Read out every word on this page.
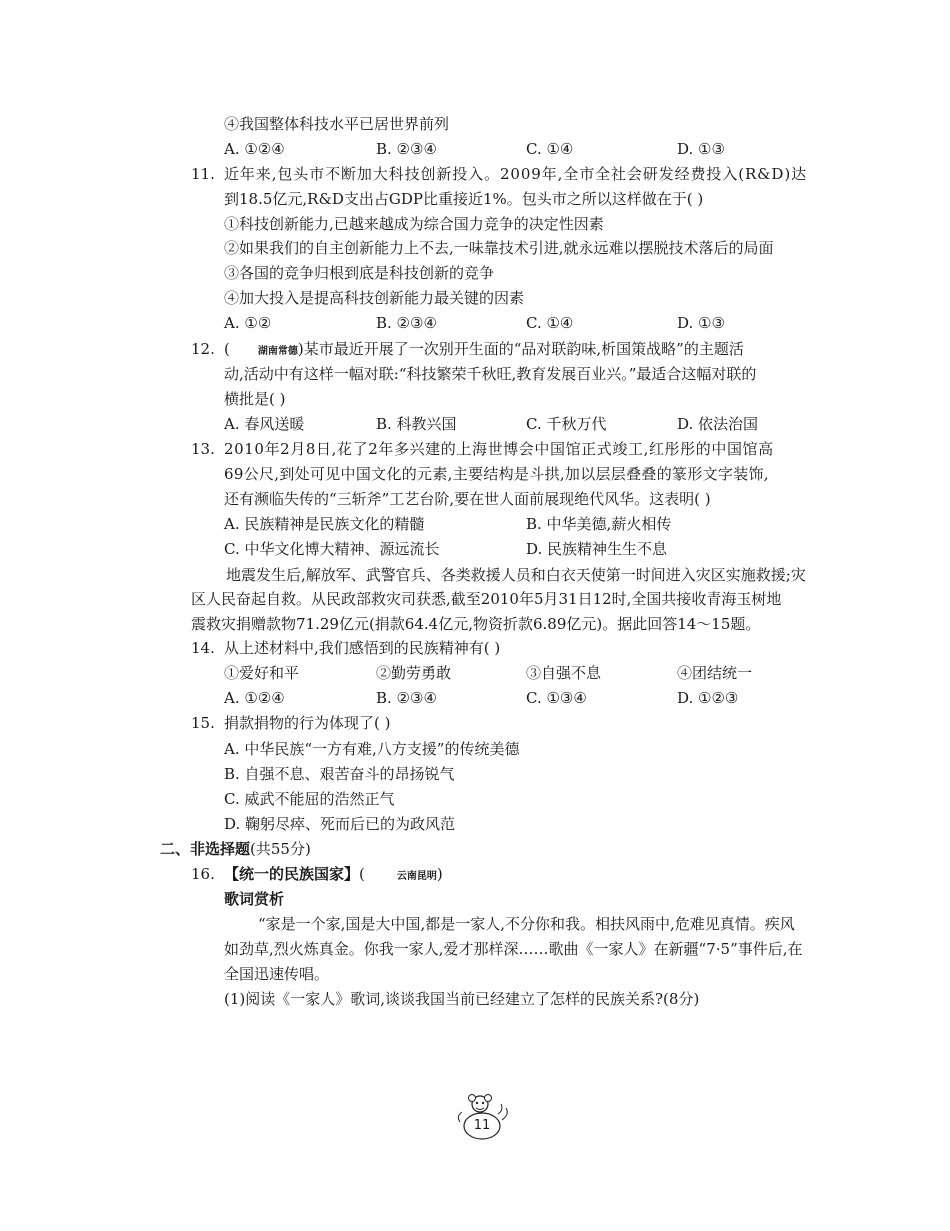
④我国整体科技水平已居世界前列
A. ①②④	B. ②③④	C. ①④	D. ①③
11. 近年来,包头市不断加大科技创新投入。2009年,全市全社会研发经费投入(R&D)达
到18.5亿元,R&D支出占GDP比重接近1%。包头市之所以这样做在于( )
①科技创新能力,已越来越成为综合国力竞争的决定性因素
②如果我们的自主创新能力上不去,一味靠技术引进,就永远难以摆脱技术落后的局面
③各国的竞争归根到底是科技创新的竞争
④加大投入是提高科技创新能力最关键的因素
A. ①②	B. ②③④	C. ①④	D. ①③
12. (	湖南常德)某市最近开展了一次别开生面的“品对联韵味,析国策战略”的主题活
动,活动中有这样一幅对联:“科技繁荣千秋旺,教育发展百业兴。”最适合这幅对联的
横批是( )
A. 春风送暖	B. 科教兴国	C. 千秋万代	D. 依法治国
13. 2010年2月8日,花了2年多兴建的上海世博会中国馆正式竣工,红彤彤的中国馆高
69公尺,到处可见中国文化的元素,主要结构是斗拱,加以层层叠叠的篆形文字装饰,
还有濒临失传的“三斩斧”工艺台阶,要在世人面前展现绝代风华。这表明( )
A. 民族精神是民族文化的精髓	B. 中华美德,薪火相传
C. 中华文化博大精神、源远流长	D. 民族精神生生不息
地震发生后,解放军、武警官兵、各类救援人员和白衣天使第一时间进入灾区实施救援;灾
区人民奋起自救。从民政部救灾司获悉,截至2010年5月31日12时,全国共接收青海玉树地
震救灾捐赠款物71.29亿元(捐款64.4亿元,物资折款6.89亿元)。据此回答14～15题。
14. 从上述材料中,我们感悟到的民族精神有( )
①爱好和平	②勤劳勇敢	③自强不息	④团结统一
A. ①②④	B. ②③④	C. ①③④	D. ①②③
15. 捐款捐物的行为体现了( )
A. 中华民族“一方有难,八方支援”的传统美德
B. 自强不息、艰苦奋斗的昂扬锐气
C. 威武不能屈的浩然正气
D. 鞠躬尽瘁、死而后已的为政风范
二、非选择题(共55分)
16. 【统一的民族国家】(	云南昆明)
歌词赏析
“家是一个家,国是大中国,都是一家人,不分你和我。相扶风雨中,危难见真情。疾风
如劲草,烈火炼真金。你我一家人,爱才那样深……歌曲《一家人》在新疆“7·5”事件后,在
全国迅速传唱。
(1)阅读《一家人》歌词,谈谈我国当前已经建立了怎样的民族关系?(8分)
11
